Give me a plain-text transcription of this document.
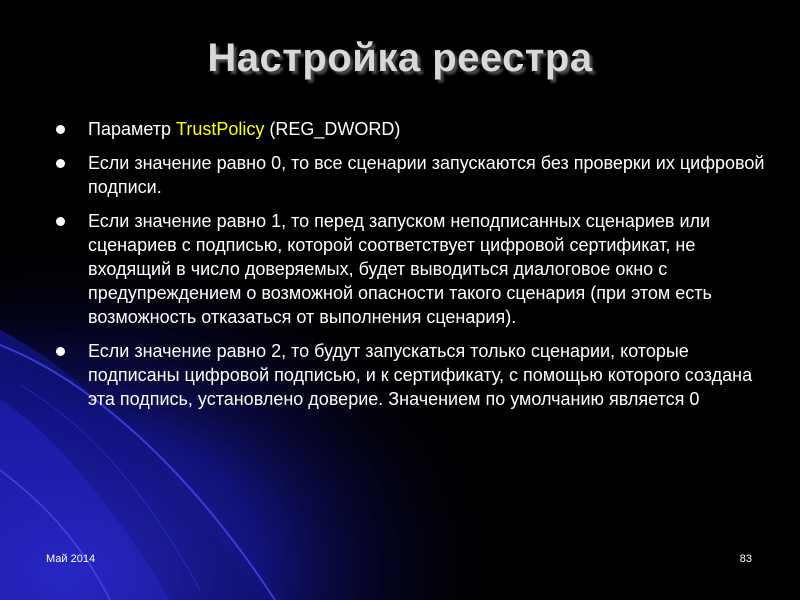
Настройка реестра
Параметр TrustPolicy (REG_DWORD)
Если значение равно 0, то все сценарии запускаются без проверки их цифровой подписи.
Если значение равно 1, то перед запуском неподписанных сценариев или сценариев с подписью, которой соответствует цифровой сертификат, не входящий в число доверяемых, будет выводиться диалоговое окно с предупреждением о возможной опасности такого сценария (при этом есть возможность отказаться от выполнения сценария).
Если значение равно 2, то будут запускаться только сценарии, которые подписаны цифровой подписью, и к сертификату, с помощью которого создана эта подпись, установлено доверие. Значением по умолчанию является 0
Май 2014	83
